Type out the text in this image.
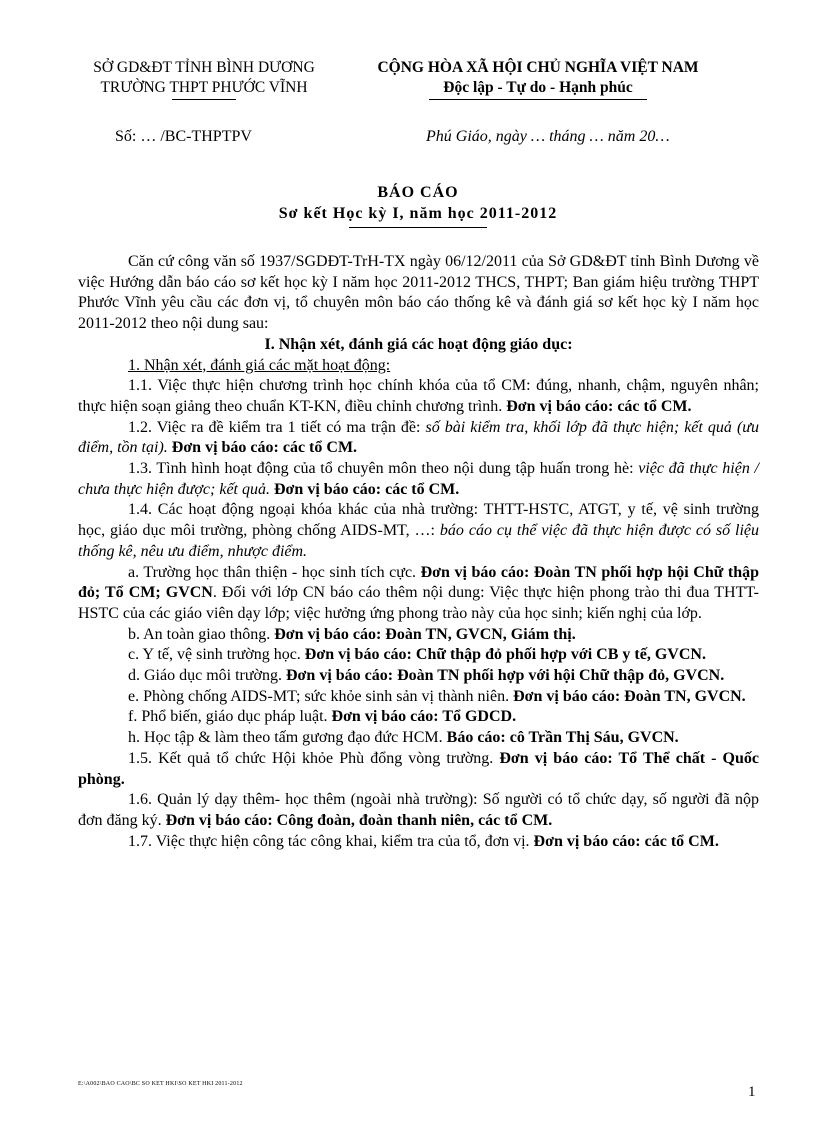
SỞ GD&ĐT TỈNH BÌNH DƯƠNG
TRƯỜNG THPT PHƯỚC VĨNH
CỘNG HÒA XÃ HỘI CHỦ NGHĨA VIỆT NAM
Độc lập - Tự do - Hạnh phúc
Số: … /BC-THPTPV	Phú Giáo, ngày … tháng … năm 20…
BÁO CÁO
Sơ kết Học kỳ I, năm học 2011-2012

Căn cứ công văn số 1937/SGDĐT-TrH-TX ngày 06/12/2011 của Sở GD&ĐT tỉnh Bình Dương về việc Hướng dẫn báo cáo sơ kết học kỳ I năm học 2011-2012 THCS, THPT; Ban giám hiệu trường THPT Phước Vĩnh yêu cầu các đơn vị, tổ chuyên môn báo cáo thống kê và đánh giá sơ kết học kỳ I năm học 2011-2012 theo nội dung sau:

I. Nhận xét, đánh giá các hoạt động giáo dục:

1. Nhận xét, đánh giá các mặt hoạt động:

1.1. Việc thực hiện chương trình học chính khóa của tổ CM: đúng, nhanh, chậm, nguyên nhân; thực hiện soạn giảng theo chuẩn KT-KN, điều chỉnh chương trình. Đơn vị báo cáo: các tổ CM.

1.2. Việc ra đề kiểm tra 1 tiết có ma trận đề: số bài kiểm tra, khối lớp đã thực hiện; kết quả (ưu điểm, tồn tại). Đơn vị báo cáo: các tổ CM.

1.3. Tình hình hoạt động của tổ chuyên môn theo nội dung tập huấn trong hè: việc đã thực hiện / chưa thực hiện được; kết quả. Đơn vị báo cáo: các tổ CM.

1.4. Các hoạt động ngoại khóa khác của nhà trường: THTT-HSTC, ATGT, y tế, vệ sinh trường học, giáo dục môi trường, phòng chống AIDS-MT, …: báo cáo cụ thể việc đã thực hiện được có số liệu thống kê, nêu ưu điểm, nhược điểm.

a. Trường học thân thiện - học sinh tích cực. Đơn vị báo cáo: Đoàn TN phối hợp hội Chữ thập đỏ; Tổ CM; GVCN. Đối với lớp CN báo cáo thêm nội dung: Việc thực hiện phong trào thi đua THTT-HSTC của các giáo viên dạy lớp; việc hưởng ứng phong trào này của học sinh; kiến nghị của lớp.

b. An toàn giao thông. Đơn vị báo cáo: Đoàn TN, GVCN, Giám thị.

c. Y tế, vệ sinh trường học. Đơn vị báo cáo: Chữ thập đỏ phối hợp với CB y tế, GVCN.

d. Giáo dục môi trường. Đơn vị báo cáo: Đoàn TN phối hợp với hội Chữ thập đỏ, GVCN.

e. Phòng chống AIDS-MT; sức khỏe sinh sản vị thành niên. Đơn vị báo cáo: Đoàn TN, GVCN.

f. Phổ biến, giáo dục pháp luật. Đơn vị báo cáo: Tổ GDCD.

h. Học tập & làm theo tấm gương đạo đức HCM. Báo cáo: cô Trần Thị Sáu, GVCN.

1.5. Kết quả tổ chức Hội khỏe Phù đổng vòng trường. Đơn vị báo cáo: Tổ Thể chất - Quốc phòng.

1.6. Quản lý dạy thêm- học thêm (ngoài nhà trường): Số người có tổ chức dạy, số người đã nộp đơn đăng ký. Đơn vị báo cáo: Công đoàn, đoàn thanh niên, các tổ CM.

1.7. Việc thực hiện công tác công khai, kiểm tra của tổ, đơn vị. Đơn vị báo cáo: các tổ CM.

E:\A002\BAO CAO\BC SO KET HKI\SO KET HKI 2011-2012	1
